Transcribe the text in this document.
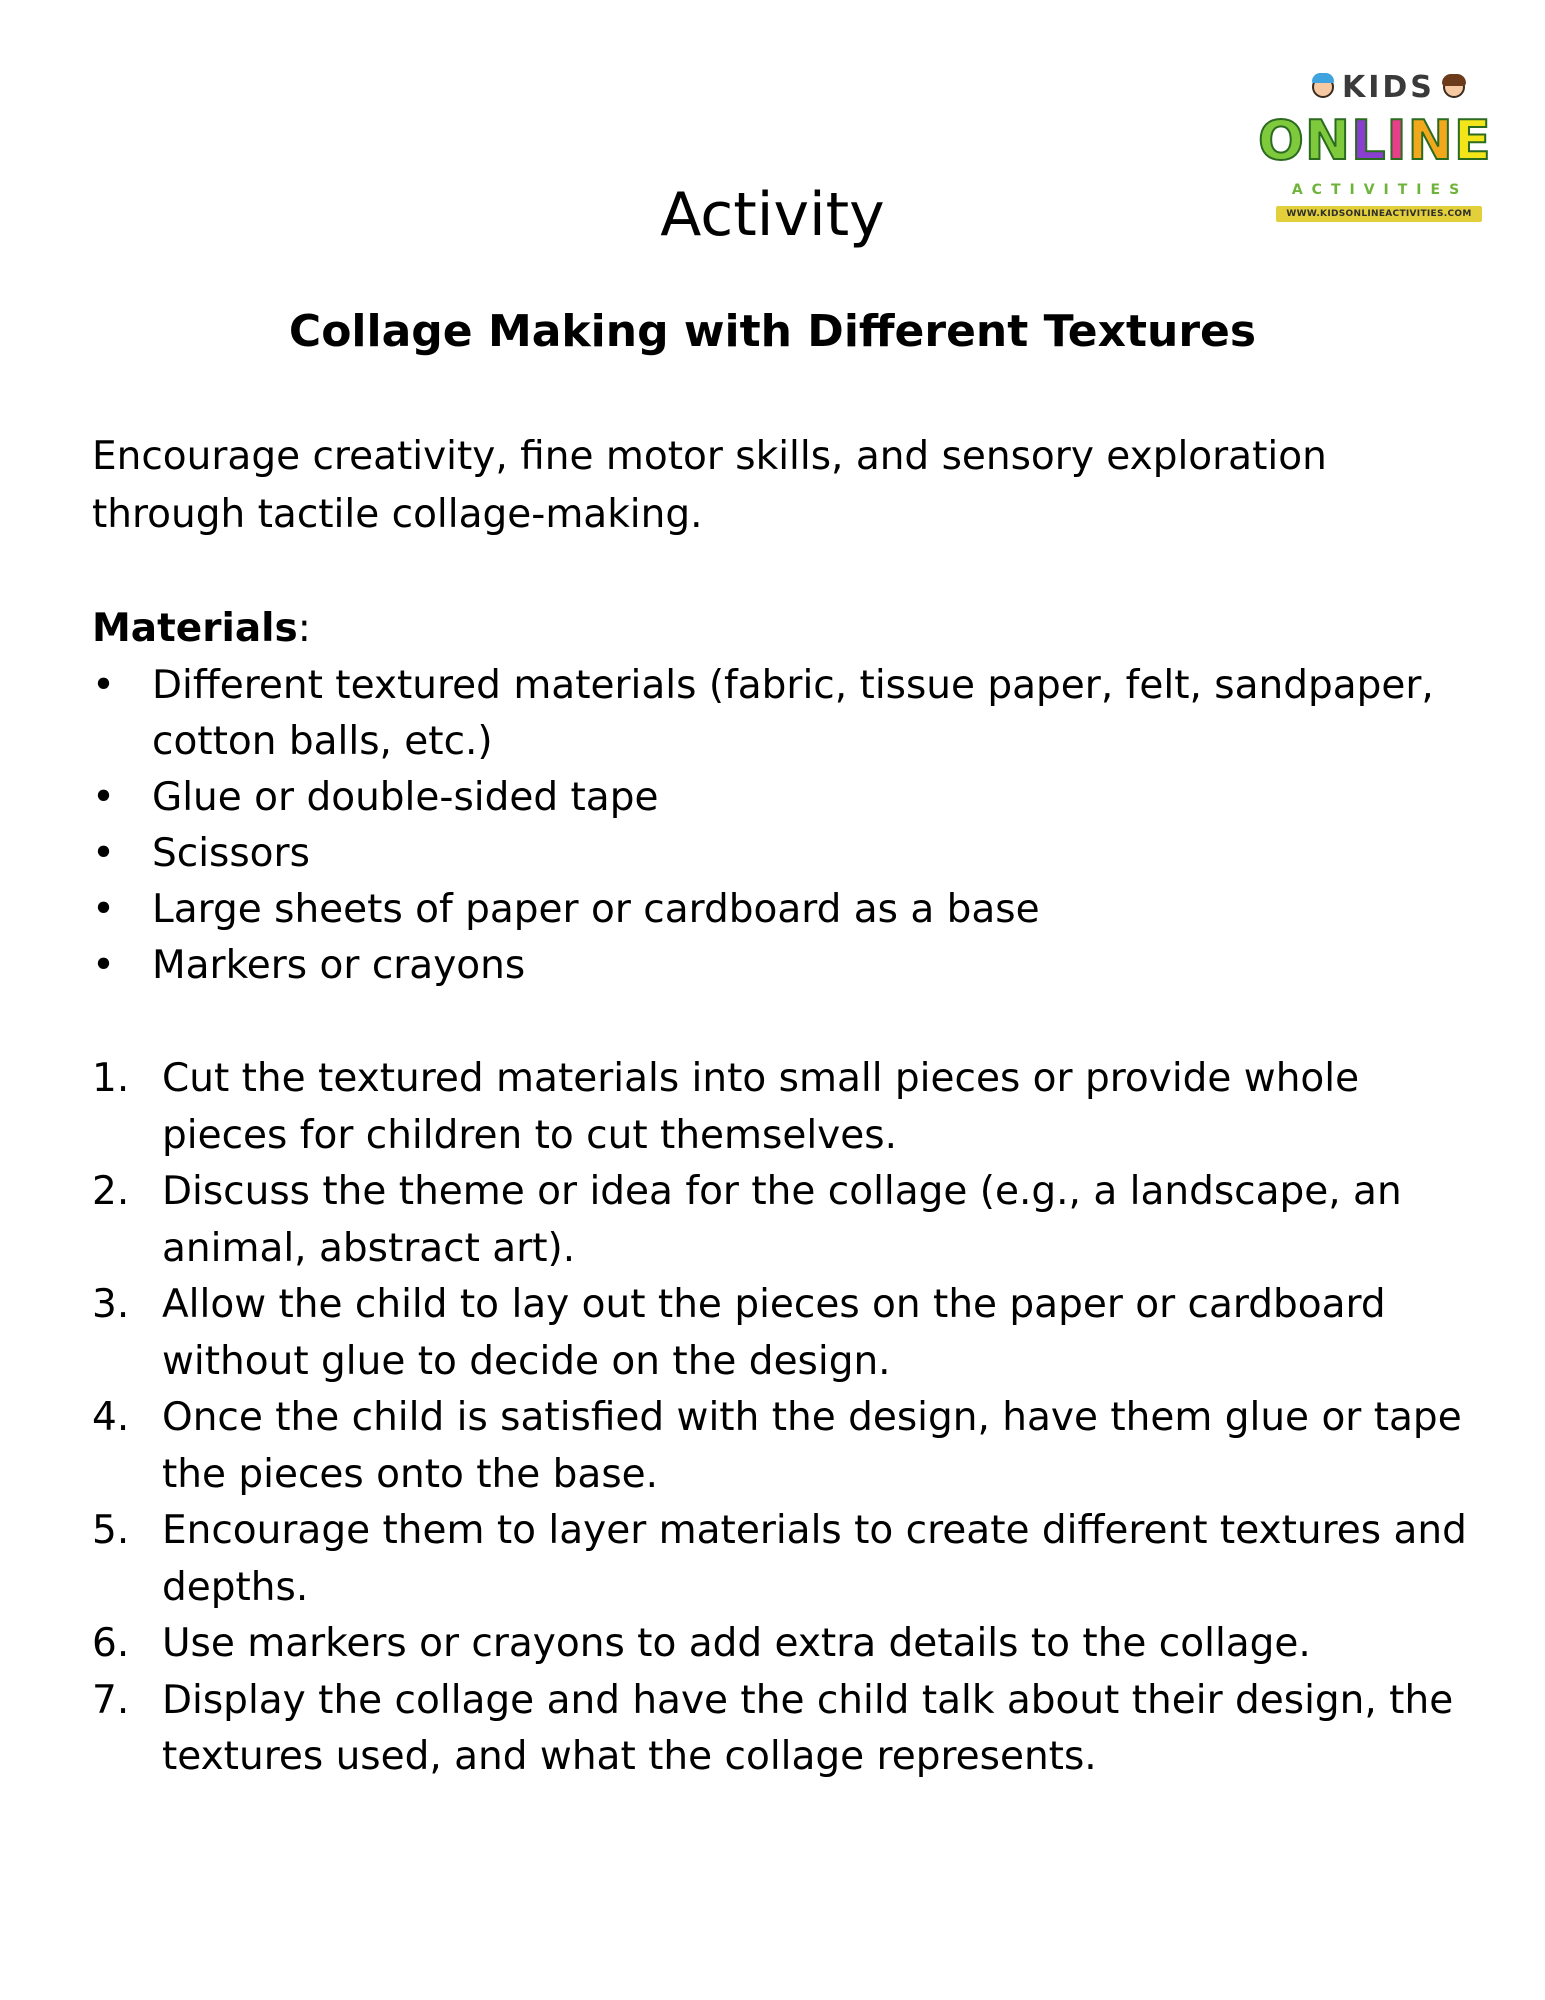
KIDS
ONLINE
ACTIVITIES
WWW.KIDSONLINEACTIVITIES.COM
Activity
Collage Making with Different Textures

Encourage creativity, fine motor skills, and sensory exploration through tactile collage-making.

Materials:

• Different textured materials (fabric, tissue paper, felt, sandpaper, cotton balls, etc.)
• Glue or double-sided tape
• Scissors
• Large sheets of paper or cardboard as a base
• Markers or crayons
1. Cut the textured materials into small pieces or provide whole pieces for children to cut themselves.
2. Discuss the theme or idea for the collage (e.g., a landscape, an animal, abstract art).
3. Allow the child to lay out the pieces on the paper or cardboard without glue to decide on the design.
4. Once the child is satisfied with the design, have them glue or tape the pieces onto the base.
5. Encourage them to layer materials to create different textures and depths.
6. Use markers or crayons to add extra details to the collage.
7. Display the collage and have the child talk about their design, the textures used, and what the collage represents.
